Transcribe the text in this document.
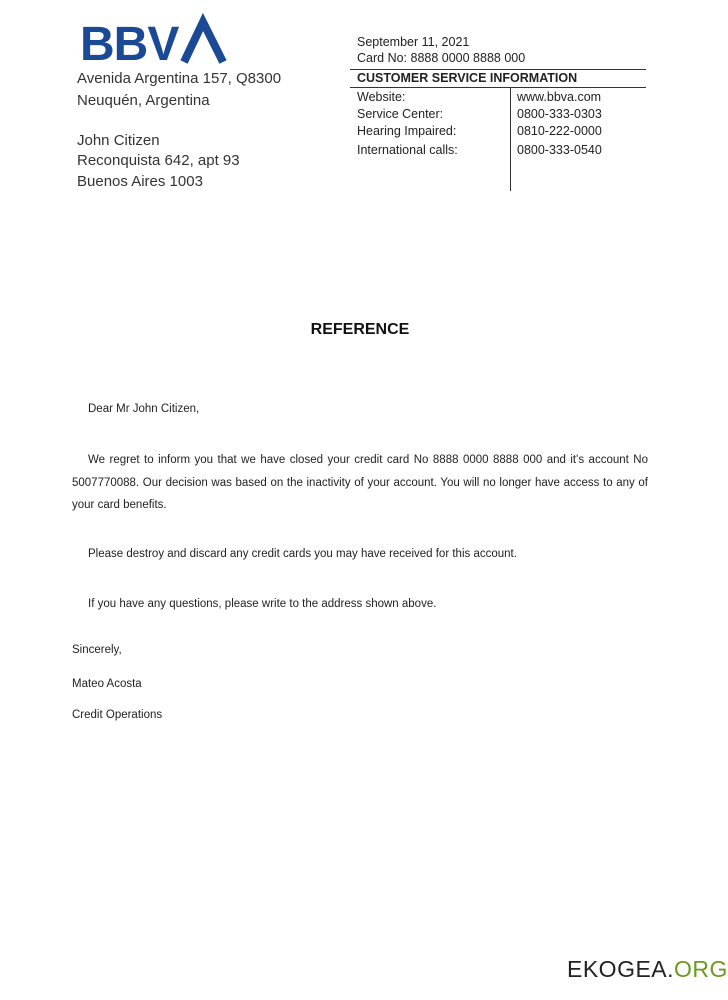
BBV
Avenida Argentina 157, Q8300
Neuquén, Argentina
John Citizen
Reconquista 642, apt 93
Buenos Aires 1003
September 11, 2021
Card No: 8888 0000 8888 000
CUSTOMER SERVICE INFORMATION
Website:	www.bbva.com
Service Center:	0800-333-0303
Hearing Impaired:	0810-222-0000
International calls:	0800-333-0540
REFERENCE
Dear Mr John Citizen,
We regret to inform you that we have closed your credit card No 8888 0000 8888 000 and it's account No 5007770088. Our decision was based on the inactivity of your account. You will no longer have access to any of your card benefits.
Please destroy and discard any credit cards you may have received for this account.
If you have any questions, please write to the address shown above.
Sincerely,
Mateo Acosta
Credit Operations
EKOGEA.ORG
